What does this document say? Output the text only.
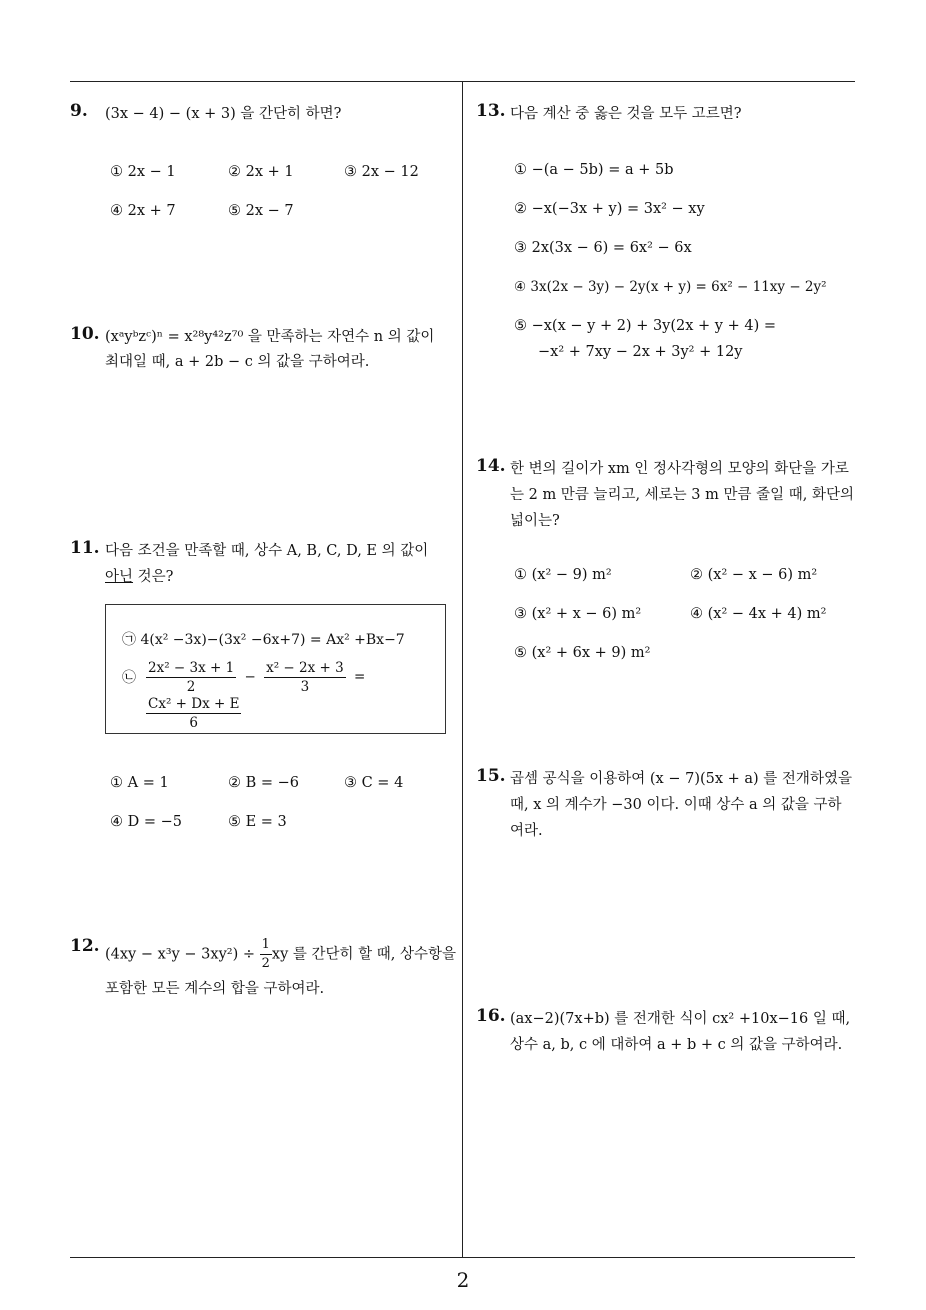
9. (3x − 4) − (x + 3) 을 간단히 하면?
① 2x − 1	② 2x + 1	③ 2x − 12
④ 2x + 7	⑤ 2x − 7
10. (xᵃyᵇzᶜ)ⁿ = x²⁸y⁴²z⁷⁰ 을 만족하는 자연수 n 의 값이
최대일 때, a + 2b − c 의 값을 구하여라.
11. 다음 조건을 만족할 때, 상수 A, B, C, D, E 의 값이
아닌 것은?
㉠ 4(x² −3x)−(3x² −6x+7) = Ax² +Bx−7
㉡ $\frac{\text{2x² − 3x + 1}}{2} - \frac{\text{x² − 2x + 3}}{3}$ =
$\frac{\text{Cx² + Dx + E}}{6}$
① A = 1	② B = −6	③ C = 4
④ D = −5	⑤ E = 3
12. $(4xy - x^3y - 3xy^2) \div \frac{1}{2}$ xy 를 간단히 할 때, 상수항을
포함한 모든 계수의 합을 구하여라.
13. 다음 계산 중 옳은 것을 모두 고르면?
① −(a − 5b) = a + 5b
② −x(−3x + y) = 3x² − xy
③ 2x(3x − 6) = 6x² − 6x
④ 3x(2x − 3y) − 2y(x + y) = 6x² − 11xy − 2y²
⑤ −x(x − y + 2) + 3y(2x + y + 4) =
−x² + 7xy − 2x + 3y² + 12y
14. 한 변의 길이가 xm 인 정사각형의 모양의 화단을 가로
는 2 m 만큼 늘리고, 세로는 3 m 만큼 줄일 때, 화단의
넓이는?
① (x² − 9) m²	② (x² − x − 6) m²
③ (x² + x − 6) m²	④ (x² − 4x + 4) m²
⑤ (x² + 6x + 9) m²
15. 곱셈 공식을 이용하여 (x − 7)(5x + a) 를 전개하였을
때, x 의 계수가 −30 이다. 이때 상수 a 의 값을 구하
여라.
16. (ax−2)(7x+b) 를 전개한 식이 cx² +10x−16 일 때,
상수 a, b, c 에 대하여 a + b + c 의 값을 구하여라.
2
